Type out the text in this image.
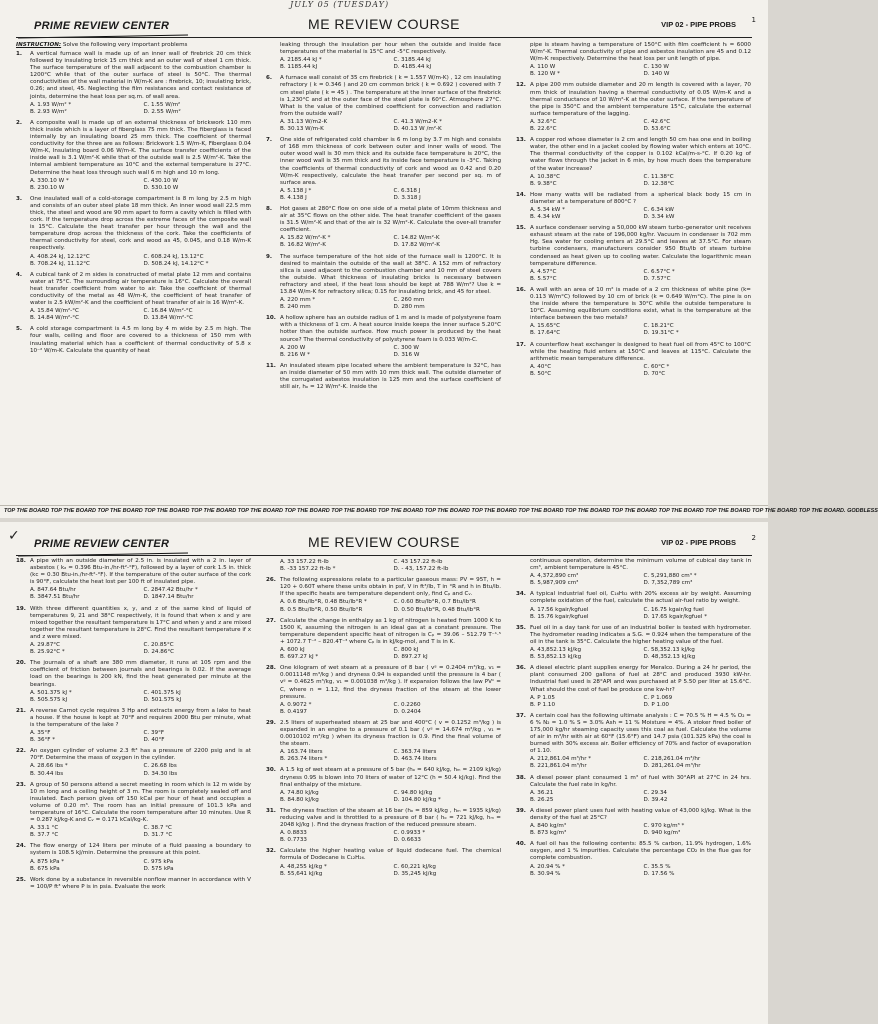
JULY 05 (TUESDAY)
PRIME REVIEW CENTER	ME REVIEW COURSE	VIP 02 - PIPE PROBS 1

INSTRUCTION: Solve the following very important problems

1. A vertical furnace wall is made up of an inner wall of firebrick 20 cm thick followed by insulating brick 15 cm thick and an outer wall of steel 1 cm thick. The surface temperature of the wall adjacent to the combustion chamber is 1200°C while that of the outer surface of steel is 50°C. The thermal conductivities of the wall material in W/m-K are : firebrick, 10; insulating brick, 0.26; and steel, 45. Neglecting the film resistances and contact resistance of joints, determine the heat loss per sq.m. of wall area.

A. 1.93 W/m² *	C. 1.55 W/m²
B. 2.93 W/m²	D. 2.55 W/m²
2. A composite wall is made up of an external thickness of brickwork 110 mm thick inside which is a layer of fiberglass 75 mm thick. The fiberglass is faced internally by an insulating board 25 mm thick. The coefficient of thermal conductivity for the three are as follows: Brickwork 1.5 W/m-K, Fiberglass 0.04 W/m-K, Insulating board 0.06 W/m-K. The surface transfer coefficients of the inside wall is 3.1 W/m²-K while that of the outside wall is 2.5 W/m²-K. Take the internal ambient temperature as 10°C and the external temperature is 27°C. Determine the heat loss through such wall 6 m high and 10 m long.

A. 330.10 W *	C. 430.10 W
B. 230.10 W	D. 530.10 W
3. One insulated wall of a cold-storage compartment is 8 m long by 2.5 m high and consists of an outer steel plate 18 mm thick. An inner wood wall 22.5 mm thick, the steel and wood are 90 mm apart to form a cavity which is filled with cork. If the temperature drop across the extreme faces of the composite wall is 15°C. Calculate the heat transfer per hour through the wall and the temperature drop across the thickness of the cork. Take the coefficients of thermal conductivity for steel, cork and wood as 45, 0.045, and 0.18 W/m-K respectively.

A. 408.24 kJ, 12.12°C	C. 608.24 kJ, 13.12°C
B. 708.24 kJ, 11.12°C	D. 508.24 kJ, 14.12°C *
4. A cubical tank of 2 m sides is constructed of metal plate 12 mm and contains water at 75°C. The surrounding air temperature is 16°C. Calculate the overall heat transfer coefficient from water to air. Take the coefficient of thermal conductivity of the metal as 48 W/m-K, the coefficient of heat transfer of water is 2.5 kW/m²-K and the coefficient of heat transfer of air is 16 W/m²-K.

A. 15.84 W/m²-°C	C. 16.84 W/m²-°C
B. 14.84 W/m²-°C	D. 13.84 W/m²-°C
5. A cold storage compartment is 4.5 m long by 4 m wide by 2.5 m high. The four walls, ceiling and floor are covered to a thickness of 150 mm with insulating material which has a coefficient of thermal conductivity of 5.8 x 10⁻² W/m-K. Calculate the quantity of heat

leaking through the insulation per hour when the outside and inside face temperatures of the material is 15°C and -5°C respectively.

A. 2185.44 kJ *	C. 3185.44 kJ
B. 1185.44 kJ	D. 4185.44 kJ
6. A furnace wall consist of 35 cm firebrick ( k = 1.557 W/m-K) , 12 cm insulating refractory ( k = 0.346 ) and 20 cm common brick ( k = 0.692 ) covered with 7 cm steel plate ( k = 45 ) . The temperature at the inner surface of the firebrick is 1,230°C and at the outer face of the steel plate is 60°C. Atmosphere 27°C. What is the value of the combined coefficient for convection and radiation from the outside wall?

A. 31.13 W/m2-K	C. 41.3 W/m2-K *
B. 30.13 W/m-K	D. 40.13 W /m²-K
7. One side of refrigerated cold chamber is 6 m long by 3.7 m high and consists of 168 mm thickness of cork between outer and inner walls of wood. The outer wood wall is 30 mm thick and its outside face temperature is 20°C, the inner wood wall is 35 mm thick and its inside face temperature is -3°C. Taking the coefficients of thermal conductivity of cork and wood as 0.42 and 0.20 W/m-K respectively, calculate the heat transfer per second per sq. m of surface area.

A. 5.138 J *	C. 6.318 J
B. 4.138 J	D. 3.318 J
8. Hot gases at 280°C flow on one side of a metal plate of 10mm thickness and air at 35°C flows on the other side. The heat transfer coefficient of the gases is 31.5 W/m²-K and that of the air is 32 W/m²-K. Calculate the over-all transfer coefficient.

A. 15.82 W/m²-K *	C. 14.82 W/m²-K
B. 16.82 W/m²-K	D. 17.82 W/m²-K
9. The surface temperature of the hot side of the furnace wall is 1200°C. It is desired to maintain the outside of the wall at 38°C. A 152 mm of refractory silica is used adjacent to the combustion chamber and 10 mm of steel covers the outside. What thickness of insulating bricks is necessary between refractory and steel, if the heat loss should be kept at 788 W/m²? Use k = 13.84 W/m-K for refractory silica; 0.15 for insulating brick, and 45 for steel.

A. 220 mm *	C. 260 mm
B. 240 mm	D. 280 mm
10. A hollow sphere has an outside radius of 1 m and is made of polystyrene foam with a thickness of 1 cm. A heat source inside keeps the inner surface 5.20°C hotter than the outside surface. How much power is produced by the heat source? The thermal conductivity of polystyrene foam is 0.033 W/m-C.

A. 200 W	C. 300 W
B. 216 W *	D. 316 W
11. An insulated steam pipe located where the ambient temperature is 32°C, has an inside diameter of 50 mm with 10 mm thick wall. The outside diameter of the corrugated asbestos insulation is 125 mm and the surface coefficient of still air, hₒ = 12 W/m²-K. Inside the

pipe is steam having a temperature of 150°C with film coefficient hᵢ = 6000 W/m²-K. Thermal conductivity of pipe and asbestos insulation are 45 and 0.12 W/m-K respectively. Determine the heat loss per unit length of pipe.

A. 110 W	C. 130 W
B. 120 W *	D. 140 W
12. A pipe 200 mm outside diameter and 20 m length is covered with a layer, 70 mm thick of insulation having a thermal conductivity of 0.05 W/m-K and a thermal conductance of 10 W/m²-K at the outer surface. If the temperature of the pipe is 350°C and the ambient temperature 15°C, calculate the external surface temperature of the lagging.

A. 32.6°C	C. 42.6°C
B. 22.6°C	D. 53.6°C
13. A copper rod whose diameter is 2 cm and length 50 cm has one end in boiling water, the other end in a jacket cooled by flowing water which enters at 10°C. The thermal conductivity of the copper is 0.102 kCal/m-s-°C. If 0.20 kg of water flows through the jacket in 6 min, by how much does the temperature of the water increase?

A. 10.38°C	C. 11.38°C
B. 9.38°C	D. 12.38°C
14. How many watts will be radiated from a spherical black body 15 cm in diameter at a temperature of 800°C ?

A. 5.34 kW *	C. 6.34 kW
B. 4.34 kW	D. 3.34 kW
15. A surface condenser serving a 50,000 kW steam turbo-generator unit receives exhaust steam at the rate of 196,000 kg/hr. Vacuum in condenser is 702 mm Hg. Sea water for cooling enters at 29.5°C and leaves at 37.5°C. For steam turbine condensers, manufacturers consider 950 Btu/lb of steam turbine condensed as heat given up to cooling water. Calculate the logarithmic mean temperature difference.

A. 4.57°C	C. 6.57°C *
B. 5.57°C	D. 7.57°C
16. A wall with an area of 10 m² is made of a 2 cm thickness of white pine (k= 0.113 W/m°C) followed by 10 cm of brick (k = 0.649 W/m°C). The pine is on the inside where the temperature is 30°C while the outside temperature is 10°C. Assuming equilibrium conditions exist, what is the temperature at the interface between the two metals?

A. 15.65°C	C. 18.21°C
B. 17.64°C	D. 19.31°C *
17. A counterflow heat exchanger is designed to heat fuel oil from 45°C to 100°C while the heating fluid enters at 150°C and leaves at 115°C. Calculate the arithmetic mean temperature difference.

A. 40°C	C. 60°C *
B. 50°C	D. 70°C
TOP THE BOARD TOP THE BOARD TOP THE BOARD TOP THE BOARD TOP THE BOARD TOP THE BOARD TOP THE BOARD TOP THE BOARD TOP THE BOARD TOP THE BOARD TOP THE BOARD TOP THE BOARD TOP THE BOARD TOP THE BOARD TOP THE BOARD TOP THE BOARD TOP THE BOARD TOP THE BOARD. GODBLESS
✓ PRIME REVIEW CENTER	ME REVIEW COURSE	VIP 02 - PIPE PROBS 2
18. A pipe with an outside diameter of 2.5 in. is insulated with a 2 in. layer of asbestos ( kₐ = 0.396 Btu-in./hr-ft²-°F), followed by a layer of cork 1.5 in. thick (kc = 0.30 Btu-in./hr-ft²-°F). If the temperature of the outer surface of the cork is 90°F, calculate the heat lost per 100 ft of insulated pipe.

A. 847.64 Btu/hr	C. 2847.42 Btu/hr *
B. 3847.51 Btu/hr	D. 1847.14 Btu/hr
19. With three different quantities x, y, and z of the same kind of liquid of temperatures 9, 21 and 38°C respectively, it is found that when x and y are mixed together the resultant temperature is 17°C and when y and z are mixed together the resultant temperature is 28°C. Find the resultant temperature if x and z were mixed.

A. 29.87°C	C. 20.85°C
B. 25.92°C *	D. 24.86°C
20. The journals of a shaft are 380 mm diameter, it runs at 105 rpm and the coefficient of friction between journals and bearings is 0.02. If the average load on the bearings is 200 kN, find the heat generated per minute at the bearings.

A. 501.375 kJ *	C. 401.375 kJ
B. 505.575 kJ	D. 501.575 kJ
21. A reverse Carnot cycle requires 3 Hp and extracts energy from a lake to heat a house. If the house is kept at 70°F and requires 2000 Btu per minute, what is the temperature of the lake ?

A. 35°F	C. 39°F
B. 36°F *	D. 40°F
22. An oxygen cylinder of volume 2.3 ft³ has a pressure of 2200 psig and is at 70°F. Determine the mass of oxygen in the cylinder.

A. 28.66 lbs *	C. 26.68 lbs
B. 30.44 lbs	D. 34.30 lbs
23. A group of 50 persons attend a secret meeting in room which is 12 m wide by 10 m long and a ceiling height of 3 m. The room is completely sealed off and insulated. Each person gives off 150 kCal per hour of heat and occupies a volume of 0.20 m³. The room has an initial pressure of 101.3 kPa and temperature of 16°C. Calculate the room temperature after 10 minutes. Use R = 0.287 kJ/kg-K and Cᵥ = 0.171 kCal/kg-K.

A. 33.1 °C	C. 38.7 °C
B. 37.7 °C	D. 31.7 °C
24. The flow energy of 124 liters per minute of a fluid passing a boundary to system is 108.5 kJ/min. Determine the pressure at this point.

A. 875 kPa *	C. 975 kPa
B. 675 kPa	D. 575 kPa
25. Work done by a substance in reversible nonflow manner in accordance with V = 100/P ft³ where P is in psia. Evaluate the work

A. 33 157.22 ft-lb	C. 43 157.22 ft-lb
B. -33 157.22 ft-lb *	D. - 43, 157.22 ft-lb
26. The following expressions relate to a particular gaseous mass: PV = 95T, h = 120 + 0.60T where these units obtain in psf, V in ft³/lb, T in °R and h in Btu/lb. If the specific heats are temperature dependent only, find Cₚ and Cᵥ.

A. 0.6 Btu/lb°R, 0.48 Btu/lb°R *	C. 0.60 Btu/lb°R, 0.7 Btu/lb°R
B. 0.5 Btu/lb°R, 0.50 Btu/lb°R	D. 0.50 Btu/lb°R, 0.48 Btu/lb°R
27. Calculate the change in enthalpy as 1 kg of nitrogen is heated from 1000 K to 1500 K, assuming the nitrogen is an ideal gas at a constant pressure. The temperature dependent specific heat of nitrogen is Cₚ = 39.06 – 512.79 T⁻¹·⁵ + 1072.7 T⁻² – 820.4T⁻³ where Cₚ is in kJ/kg-mol, and T is in K.

A. 600 kJ	C. 800 kJ
B. 697.27 kJ *	D. 897.27 kJ
28. One kilogram of wet steam at a pressure of 8 bar ( vᵍ = 0.2404 m³/kg, v₁ = 0.0011148 m³/kg ) and dryness 0.94 is expanded until the pressure is 4 bar ( vᵍ = 0.4625 m³/kg, v₁ = 0.001038 m³/kg ). If expansion follows the law PVⁿ = C, where n = 1.12, find the dryness fraction of the steam at the lower pressure.

A. 0.9072 *	C. 0.2260
B. 0.4197	D. 0.2404
29. 2.5 liters of superheated steam at 25 bar and 400°C ( v = 0.1252 m³/kg ) is expanded in an engine to a pressure of 0.1 bar ( vᵍ = 14.674 m³/kg , v₁ = 0.0010102 m³/kg ) when its dryness fraction is 0.9. Find the final volume of the steam.

A. 163.74 liters	C. 363.74 liters
B. 263.74 liters *	D. 463.74 liters
30. A 1.5 kg of wet steam at a pressure of 5 bar (hₒ = 640 kJ/kg, hₘ = 2109 kJ/kg) dryness 0.95 is blown into 70 liters of water of 12°C (h = 50.4 kJ/kg). Find the final enthalpy of the mixture.

A. 74.80 kJ/kg	C. 94.80 kJ/kg
B. 84.80 kJ/kg	D. 104.80 kJ/kg *
31. The dryness fraction of the steam at 16 bar (hₒ = 859 kJ/kg , hₘ = 1935 kJ/kg) reducing valve and is throttled to a pressure of 8 bar ( hₒ = 721 kJ/kg, hₘ = 2048 kJ/kg ). Find the dryness fraction of the reduced pressure steam.

A. 0.8833	C. 0.9933 *
B. 0.7733	D. 0.6633
32. Calculate the higher heating value of liquid dodecane fuel. The chemical formula of Dodecane is C₁₂H₂₆.

A. 48,255 kJ/kg *	C. 60,221 kJ/kg
B. 55,641 kJ/kg	D. 35,245 kJ/kg

continuous operation, determine the minimum volume of cubical day tank in cm³, ambient temperature is 45°C.

A. 4,372,890 cm³	C. 5,291,880 cm³ *
B. 5,987,909 cm³	D. 7,352,789 cm³
34. A typical industrial fuel oil, C₁₆H₃₂ with 20% excess air by weight. Assuming complete oxidation of the fuel, calculate the actual air-fuel ratio by weight.

A. 17.56 kgair/kgfuel	C. 16.75 kgair/kg fuel
B. 15.76 kgair/kgfuel	D. 17.65 kgair/kgfuel *
35. Fuel oil in a day tank for use of an industrial boiler is tested with hydrometer. The hydrometer reading indicates a S.G. = 0.924 when the temperature of the oil in the tank is 35°C. Calculate the higher heating value of the fuel.

A. 43,852.13 kJ/kg	C. 58,352.13 kJ/kg
B. 53,852.13 kJ/kg	D. 48,352.13 kJ/kg
36. A diesel electric plant supplies energy for Meralco. During a 24 hr period, the plant consumed 200 gallons of fuel at 28°C and produced 3930 kW-hr. Industrial fuel used is 28°API and was purchased at P 5.50 per liter at 15.6°C. What should the cost of fuel be produce one kw-hr?

A. P 1.05	C. P 1.069
B. P 1.10	D. P 1.00
37. A certain coal has the following ultimate analysis : C = 70.5 % H = 4.5 % O₂ = 6 % N₂ = 1.0 % S = 3.0% Ash = 11 % Moisture = 4%. A stoker fired boiler of 175,000 kg/hr steaming capacity uses this coal as fuel. Calculate the volume of air in m³/hr with air at 60°F (15.6°F) and 14.7 psia (101.325 kPa) the coal is burned with 30% excess air. Boiler efficiency of 70% and factor of evaporation of 1.10.

A. 212,861.04 m³/hr *	C. 218,261.04 m³/hr
B. 221,861.04 m³/hr	D. 281,261.04 m³/hr
38. A diesel power plant consumed 1 m³ of fuel with 30°API at 27°C in 24 hrs. Calculate the fuel rate in kg/hr.

A. 36.21	C. 29.34
B. 26.25	D. 39.42
39. A diesel power plant uses fuel with heating value of 43,000 kJ/kg. What is the density of the fuel at 25°C?

A. 840 kg/m³	C. 970 kg/m³ *
B. 873 kg/m³	D. 940 kg/m³
40. A fuel oil has the following contents: 85.5 % carbon, 11.9% hydrogen, 1.6% oxygen, and 1 % impurities. Calculate the percentage CO₂ in the flue gas for complete combustion.

A. 20.94 % *	C. 35.5 %
B. 30.94 %	D. 17.56 %
